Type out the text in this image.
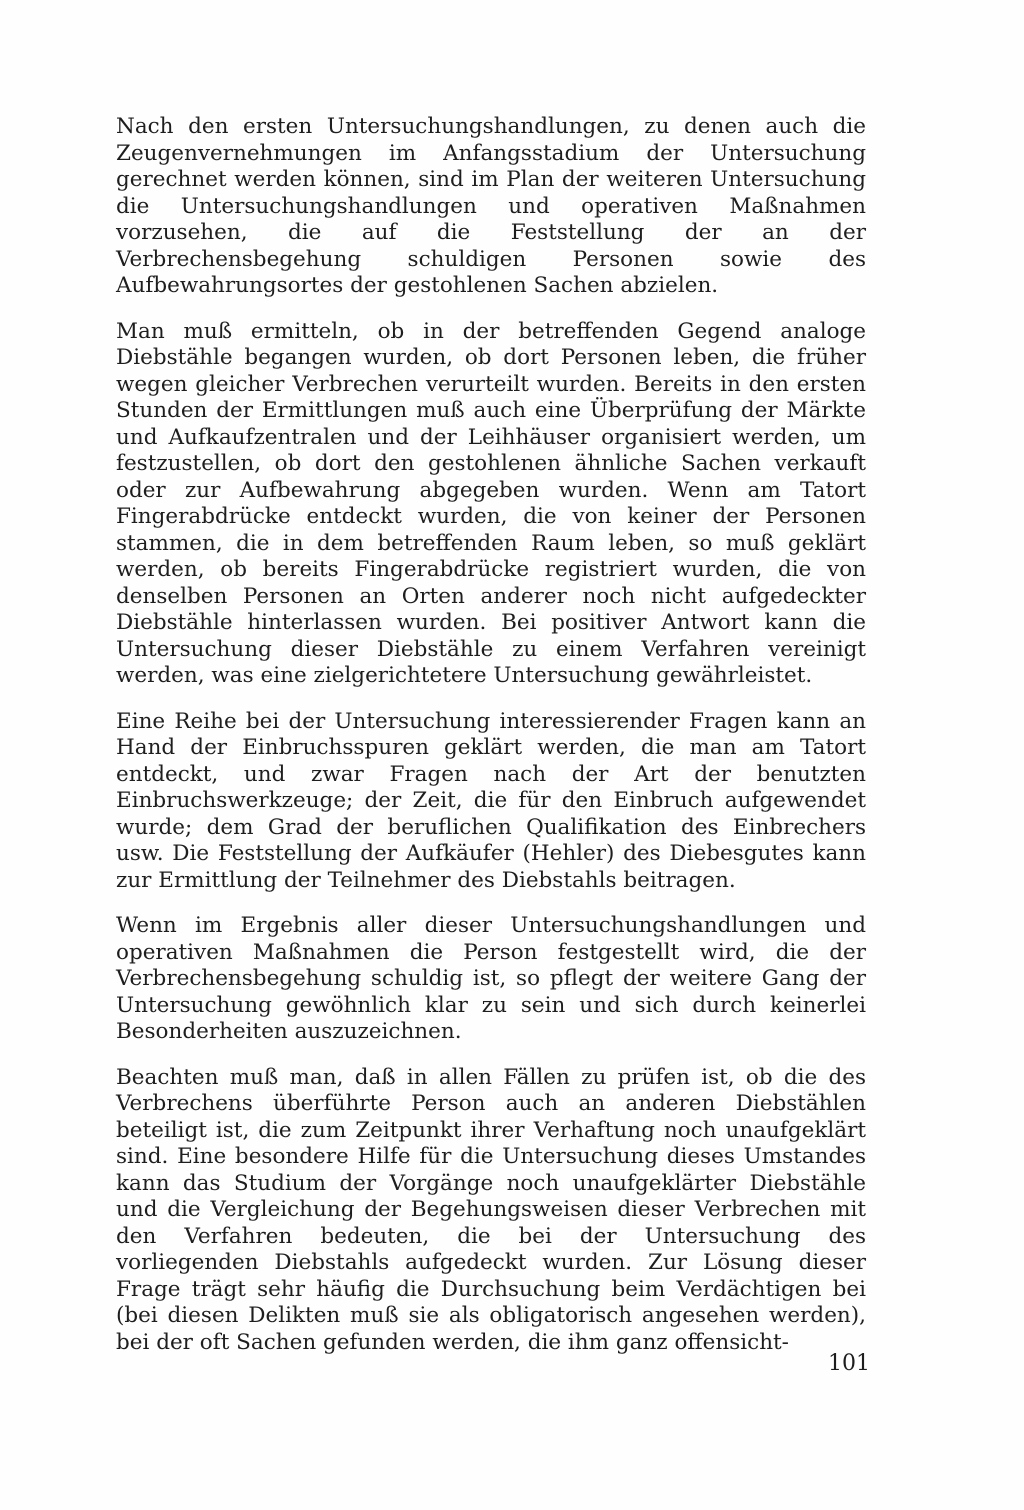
Nach den ersten Untersuchungshandlungen, zu denen auch die Zeugenvernehmungen im Anfangsstadium der Untersuchung gerechnet werden können, sind im Plan der weiteren Untersuchung die Untersuchungshandlungen und operativen Maßnahmen vorzusehen, die auf die Feststellung der an der Verbrechensbegehung schuldigen Personen sowie des Aufbewahrungsortes der gestohlenen Sachen abzielen.

Man muß ermitteln, ob in der betreffenden Gegend analoge Diebstähle begangen wurden, ob dort Personen leben, die früher wegen gleicher Verbrechen verurteilt wurden. Bereits in den ersten Stunden der Ermittlungen muß auch eine Überprüfung der Märkte und Aufkaufzentralen und der Leihhäuser organisiert werden, um festzustellen, ob dort den gestohlenen ähnliche Sachen verkauft oder zur Aufbewahrung abgegeben wurden. Wenn am Tatort Fingerabdrücke entdeckt wurden, die von keiner der Personen stammen, die in dem betreffenden Raum leben, so muß geklärt werden, ob bereits Fingerabdrücke registriert wurden, die von denselben Personen an Orten anderer noch nicht aufgedeckter Diebstähle hinterlassen wurden. Bei positiver Antwort kann die Untersuchung dieser Diebstähle zu einem Verfahren vereinigt werden, was eine zielgerichtetere Untersuchung gewährleistet.

Eine Reihe bei der Untersuchung interessierender Fragen kann an Hand der Einbruchsspuren geklärt werden, die man am Tatort entdeckt, und zwar Fragen nach der Art der benutzten Einbruchswerkzeuge; der Zeit, die für den Einbruch aufgewendet wurde; dem Grad der beruflichen Qualifikation des Einbrechers usw. Die Feststellung der Aufkäufer (Hehler) des Diebesgutes kann zur Ermittlung der Teilnehmer des Diebstahls beitragen.

Wenn im Ergebnis aller dieser Untersuchungshandlungen und operativen Maßnahmen die Person festgestellt wird, die der Verbrechensbegehung schuldig ist, so pflegt der weitere Gang der Untersuchung gewöhnlich klar zu sein und sich durch keinerlei Besonderheiten auszuzeichnen.

Beachten muß man, daß in allen Fällen zu prüfen ist, ob die des Verbrechens überführte Person auch an anderen Diebstählen beteiligt ist, die zum Zeitpunkt ihrer Verhaftung noch unaufgeklärt sind. Eine besondere Hilfe für die Untersuchung dieses Umstandes kann das Studium der Vorgänge noch unaufgeklärter Diebstähle und die Vergleichung der Begehungsweisen dieser Verbrechen mit den Verfahren bedeuten, die bei der Untersuchung des vorliegenden Diebstahls aufgedeckt wurden. Zur Lösung dieser Frage trägt sehr häufig die Durchsuchung beim Verdächtigen bei (bei diesen Delikten muß sie als obligatorisch angesehen werden), bei der oft Sachen gefunden werden, die ihm ganz offensicht-

101
